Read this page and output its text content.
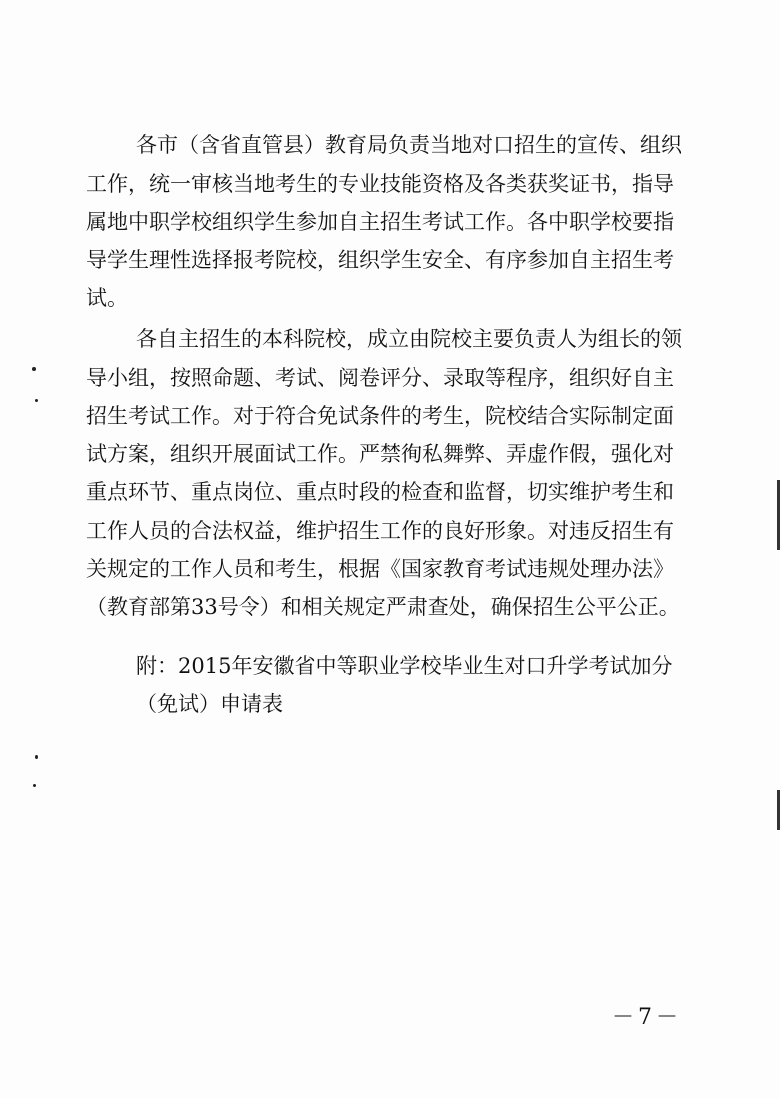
各市（含省直管县）教育局负责当地对口招生的宣传、组织
工作，统一审核当地考生的专业技能资格及各类获奖证书，指导
属地中职学校组织学生参加自主招生考试工作。各中职学校要指
导学生理性选择报考院校，组织学生安全、有序参加自主招生考
试。
各自主招生的本科院校，成立由院校主要负责人为组长的领
导小组，按照命题、考试、阅卷评分、录取等程序，组织好自主
招生考试工作。对于符合免试条件的考生，院校结合实际制定面
试方案，组织开展面试工作。严禁徇私舞弊、弄虚作假，强化对
重点环节、重点岗位、重点时段的检查和监督，切实维护考生和
工作人员的合法权益，维护招生工作的良好形象。对违反招生有
关规定的工作人员和考生，根据《国家教育考试违规处理办法》
（教育部第33号令）和相关规定严肃查处，确保招生公平公正。
附：2015年安徽省中等职业学校毕业生对口升学考试加分
（免试）申请表
－7－
